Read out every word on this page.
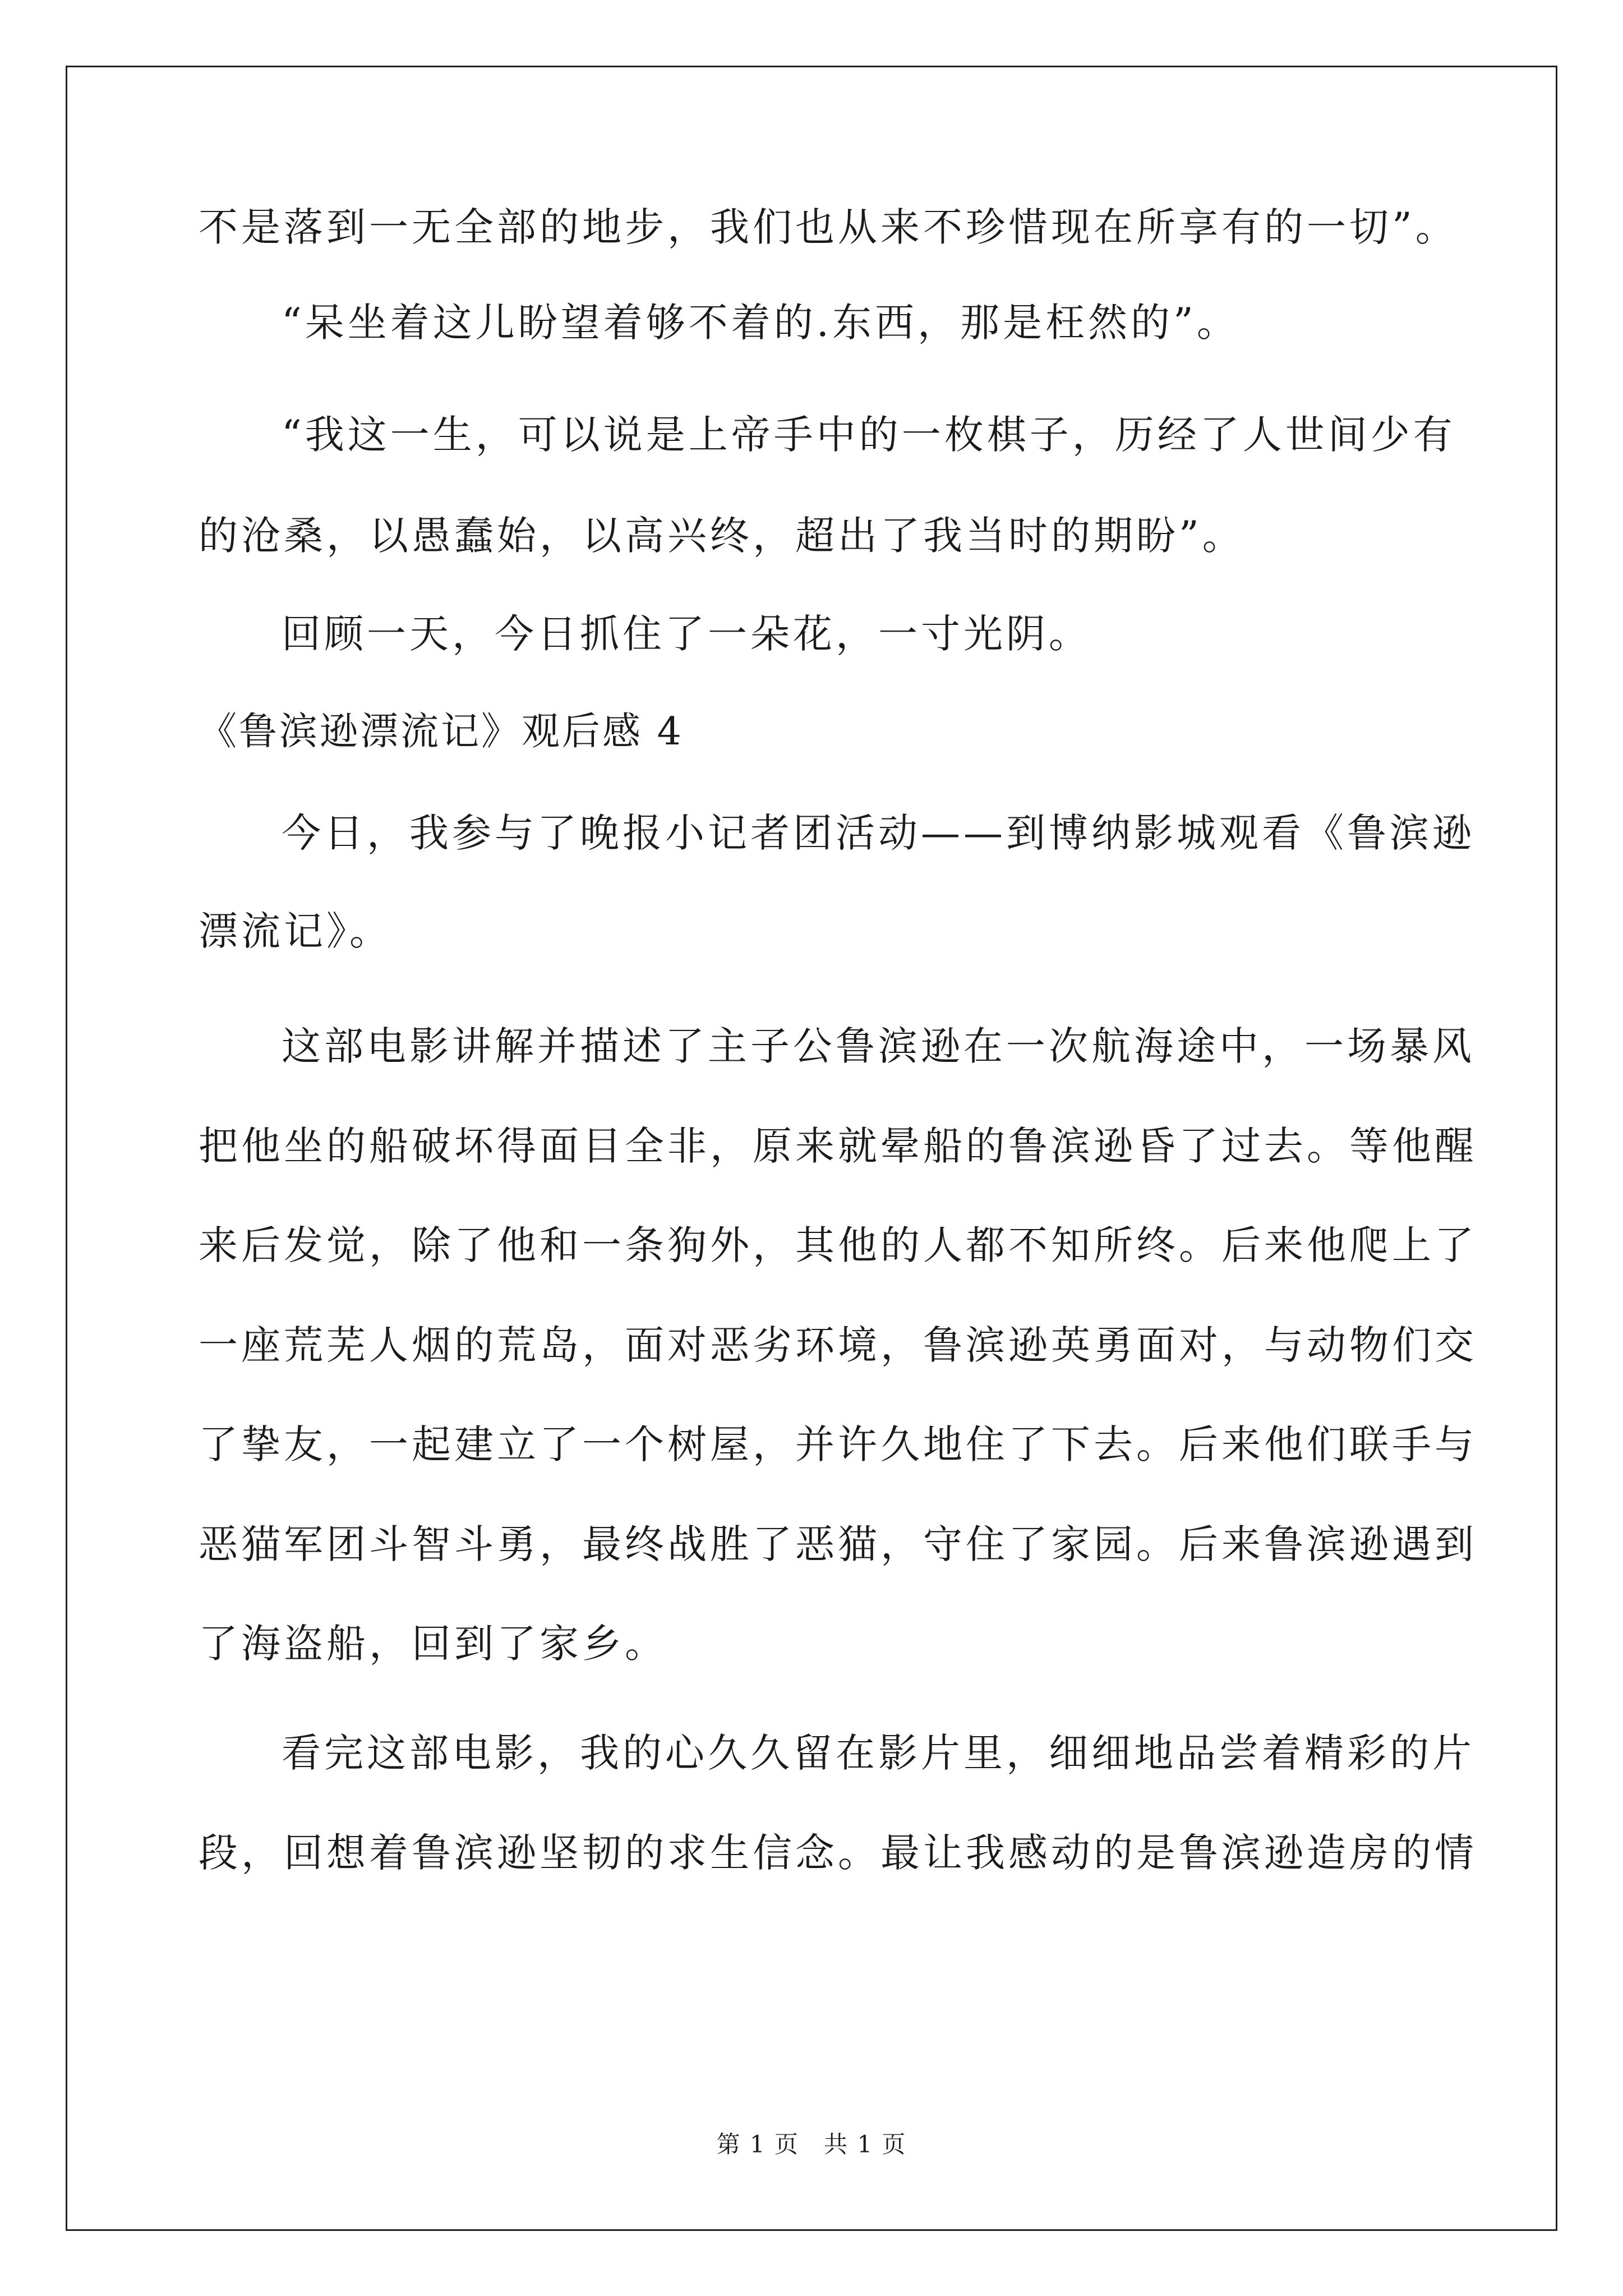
不是落到一无全部的地步，我们也从来不珍惜现在所享有的一切”。
“呆坐着这儿盼望着够不着的.东西，那是枉然的”。
“我这一生，可以说是上帝手中的一枚棋子，历经了人世间少有
的沧桑，以愚蠢始，以高兴终，超出了我当时的期盼”。
回顾一天，今日抓住了一朵花，一寸光阴。
《鲁滨逊漂流记》观后感 4
今日，我参与了晚报小记者团活动——到博纳影城观看《鲁滨逊
漂流记》。
这部电影讲解并描述了主子公鲁滨逊在一次航海途中，一场暴风
把他坐的船破坏得面目全非，原来就晕船的鲁滨逊昏了过去。等他醒
来后发觉，除了他和一条狗外，其他的人都不知所终。后来他爬上了
一座荒芜人烟的荒岛，面对恶劣环境，鲁滨逊英勇面对，与动物们交
了挚友，一起建立了一个树屋，并许久地住了下去。后来他们联手与
恶猫军团斗智斗勇，最终战胜了恶猫，守住了家园。后来鲁滨逊遇到
了海盗船，回到了家乡。
看完这部电影，我的心久久留在影片里，细细地品尝着精彩的片
段，回想着鲁滨逊坚韧的求生信念。最让我感动的是鲁滨逊造房的情
第 1 页　共 1 页
